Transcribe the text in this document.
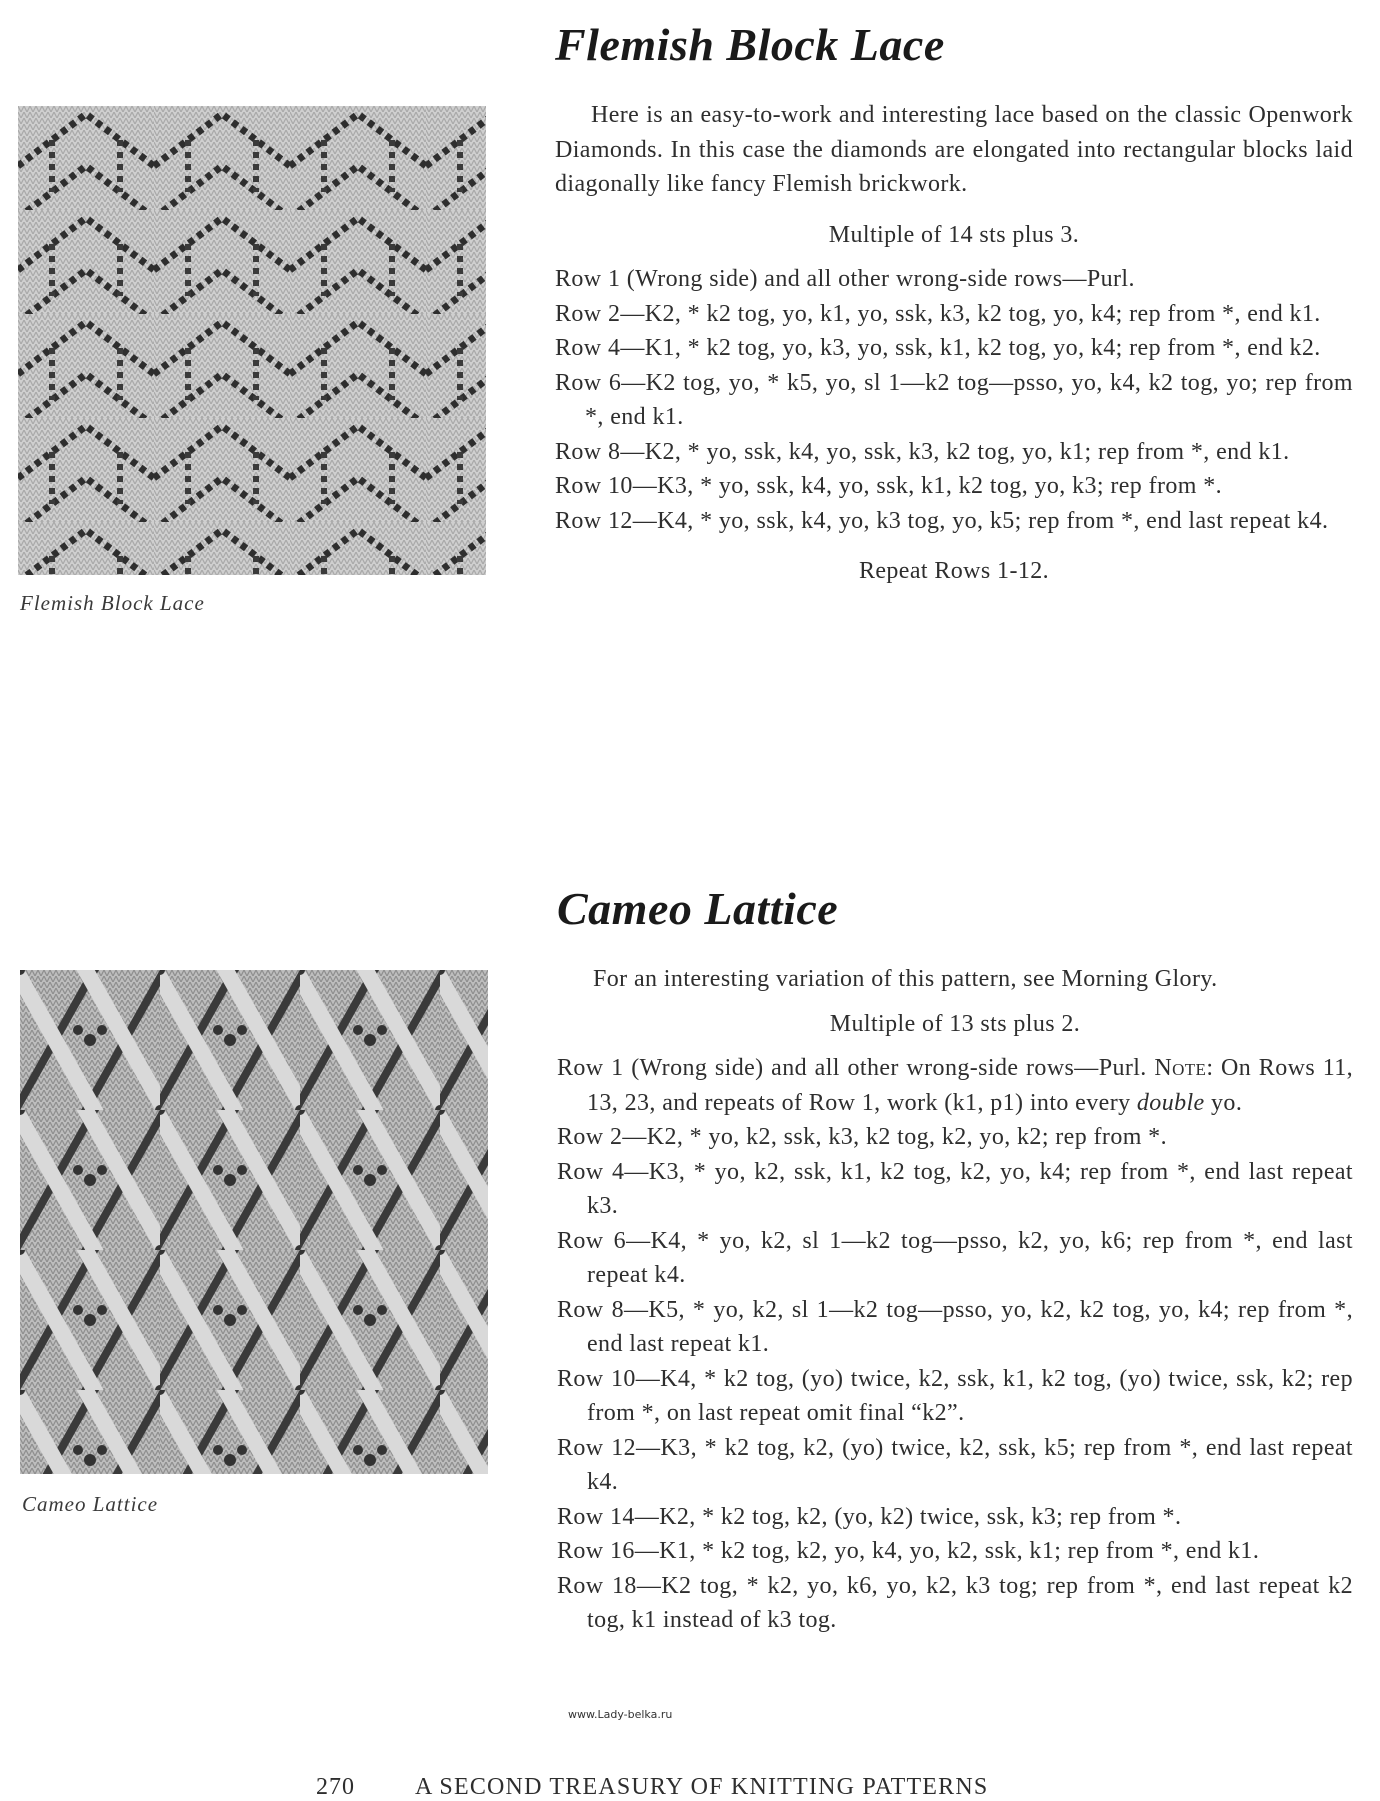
Flemish Block Lace
Flemish Block Lace

Here is an easy-to-work and interesting lace based on the classic Openwork Diamonds. In this case the diamonds are elongated into rectangular blocks laid diagonally like fancy Flemish brickwork.

Multiple of 14 sts plus 3.

Row 1 (Wrong side) and all other wrong-side rows—Purl.
Row 2—K2, * k2 tog, yo, k1, yo, ssk, k3, k2 tog, yo, k4; rep from *, end k1.
Row 4—K1, * k2 tog, yo, k3, yo, ssk, k1, k2 tog, yo, k4; rep from *, end k2.
Row 6—K2 tog, yo, * k5, yo, sl 1—k2 tog—psso, yo, k4, k2 tog, yo; rep from *, end k1.
Row 8—K2, * yo, ssk, k4, yo, ssk, k3, k2 tog, yo, k1; rep from *, end k1.
Row 10—K3, * yo, ssk, k4, yo, ssk, k1, k2 tog, yo, k3; rep from *.
Row 12—K4, * yo, ssk, k4, yo, k3 tog, yo, k5; rep from *, end last repeat k4.

Repeat Rows 1-12.

Cameo Lattice
Cameo Lattice

For an interesting variation of this pattern, see Morning Glory.

Multiple of 13 sts plus 2.

Row 1 (Wrong side) and all other wrong-side rows—Purl. Note: On Rows 11, 13, 23, and repeats of Row 1, work (k1, p1) into every double yo.
Row 2—K2, * yo, k2, ssk, k3, k2 tog, k2, yo, k2; rep from *.
Row 4—K3, * yo, k2, ssk, k1, k2 tog, k2, yo, k4; rep from *, end last repeat k3.
Row 6—K4, * yo, k2, sl 1—k2 tog—psso, k2, yo, k6; rep from *, end last repeat k4.
Row 8—K5, * yo, k2, sl 1—k2 tog—psso, yo, k2, k2 tog, yo, k4; rep from *, end last repeat k1.
Row 10—K4, * k2 tog, (yo) twice, k2, ssk, k1, k2 tog, (yo) twice, ssk, k2; rep from *, on last repeat omit final “k2”.
Row 12—K3, * k2 tog, k2, (yo) twice, k2, ssk, k5; rep from *, end last repeat k4.
Row 14—K2, * k2 tog, k2, (yo, k2) twice, ssk, k3; rep from *.
Row 16—K1, * k2 tog, k2, yo, k4, yo, k2, ssk, k1; rep from *, end k1.
Row 18—K2 tog, * k2, yo, k6, yo, k2, k3 tog; rep from *, end last repeat k2 tog, k1 instead of k3 tog.
www.Lady-belka.ru
270	A SECOND TREASURY OF KNITTING PATTERNS
